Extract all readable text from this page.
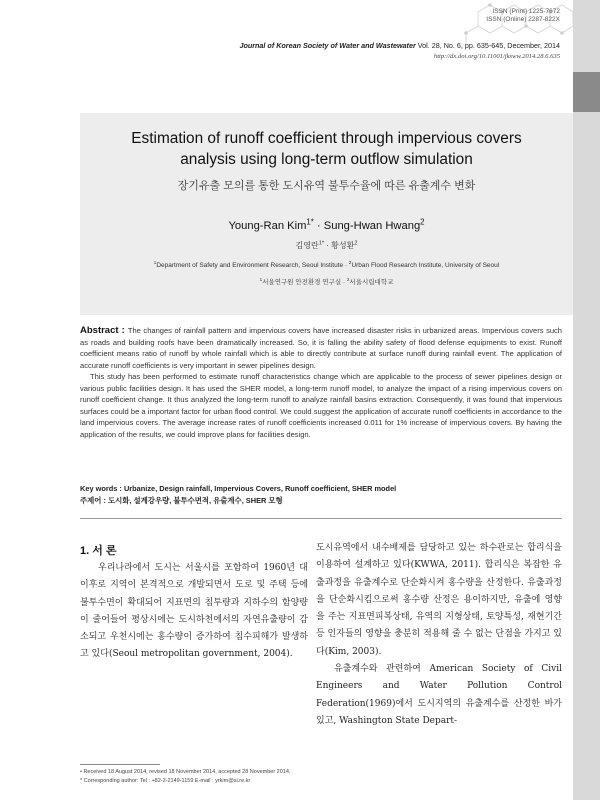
ISSN (Print) 1225-7672
ISSN (Online) 2287-822X
Journal of Korean Society of Water and Wastewater Vol. 28, No. 6, pp. 635-645, December, 2014
http://dx.doi.org/10.11001/jksww.2014.28.6.635
Estimation of runoff coefficient through impervious covers
analysis using long-term outflow simulation
장기유출 모의를 통한 도시유역 불투수율에 따른 유출계수 변화
Young-Ran Kim$^{1*}$ · Sung-Hwan Hwang$^2$
김영란$^{1*}$ · 황성환$^2$
$^1$Department of Safety and Environment Research, Seoul Institute · $^2$Urban Flood Research Institute, University of Seoul
$^1$서울연구원 안전환경 연구실 · $^2$서울시립대학교

Abstract : The changes of rainfall pattern and impervious covers have increased disaster risks in urbanized areas. Impervious covers such as roads and building roofs have been dramatically increased. So, it is falling the ability safety of flood defense equipments to exist. Runoff coefficient means ratio of runoff by whole rainfall which is able to directly contribute at surface runoff during rainfall event. The application of accurate runoff coefficients is very important in sewer pipelines design.

This study has been performed to estimate runoff characteristics change which are applicable to the process of sewer pipelines design or various public facilities design. It has used the SHER model, a long-term runoff model, to analyze the impact of a rising impervious covers on runoff coefficient change. It thus analyzed the long-term runoff to analyze rainfall basins extraction. Consequently, it was found that impervious surfaces could be a important factor for urban flood control. We could suggest the application of accurate runoff coefficients in accordance to the land impervious covers. The average increase rates of runoff coefficients increased 0.011 for 1% increase of impervious covers. By having the application of the results, we could improve plans for facilities design.

Key words : Urbanize, Design rainfall, Impervious Covers, Runoff coefficient, SHER model
주제어 : 도시화, 설계강우량, 불투수면적, 유출계수, SHER 모형
1. 서 론
우리나라에서 도시는 서울시를 포함하여 1960년 대 이후로 지역이 본격적으로 개발되면서 도로 및 주택 등에 불투수면이 확대되어 지표면의 침투량과 지하수의 함양량이 줄어들어 평상시에는 도시하천에서의 자연유출량이 감소되고 우천시에는 홍수량이 증가하여 침수피해가 발생하고 있다(Seoul metropolitan government, 2004).

도시유역에서 내수배제를 담당하고 있는 하수관로는 합리식을 이용하여 설계하고 있다(KWWA, 2011). 합리식은 복잡한 유출과정을 유출계수로 단순화시켜 홍수량을 산정한다. 유출과정을 단순화시킴으로써 홍수량 산정은 용이하지만, 유출에 영향을 주는 지표면피복상태, 유역의 지형상태, 토양특성, 재현기간 등 인자들의 영향을 충분히 적용해 줄 수 없는 단점을 가지고 있다(Kim, 2003).

유출계수와 관련하여 American Society of Civil Engineers and Water Pollution Control Federation(1969)에서 도시지역의 유출계수를 산정한 바가 있고, Washington State Depart-

• Received 18 August 2014, revised 18 November 2014, accepted 28 November 2014.
* Corresponding author: Tel : +82-2-2149-1159 E-mail : yrkim@si.re.kr
